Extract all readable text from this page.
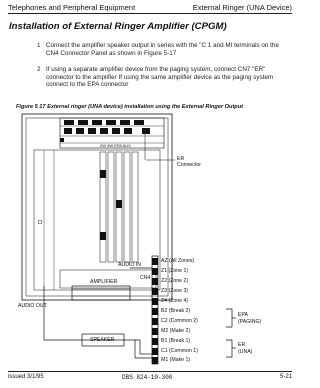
Telephones and Peripheral Equipment	External Ringer (UNA Device)
Installation of External Ringer Amplifier (CPGM)
1 Connect the amplifier speaker output in series with the "C 1 and MI terminals on the CN4 Connector Panel as shown in Figure 5-17
2 If using a separate amplifier device from the paging system, connect CN7 "ER" connector to the amplifier If using the same amplifier device as the paging system connect to the EPA connector
Figure 5 17 External ringer (UNA device) installation using the External Ringer Output
2W 3W EPA AUX
ER
Connector
AUDIO IN
CN4
AMPLIFIER
AUDIO OUT
SPEAKER
AZ (All Zones)
Z1 (Zone 1)
Z2 (Zone 2)
Z3 (Zone 3)
Z4 (Zone 4)
B2 (Break 2)
C2 (Common 2)
M2 (Make 2)
B1 (Break 1)
C1 (Common 1)
M1 (Make 1)
EPA
(PAGING)
ER
(UNA)
issued 3/1/95	DBS 824-10-300	5-21
